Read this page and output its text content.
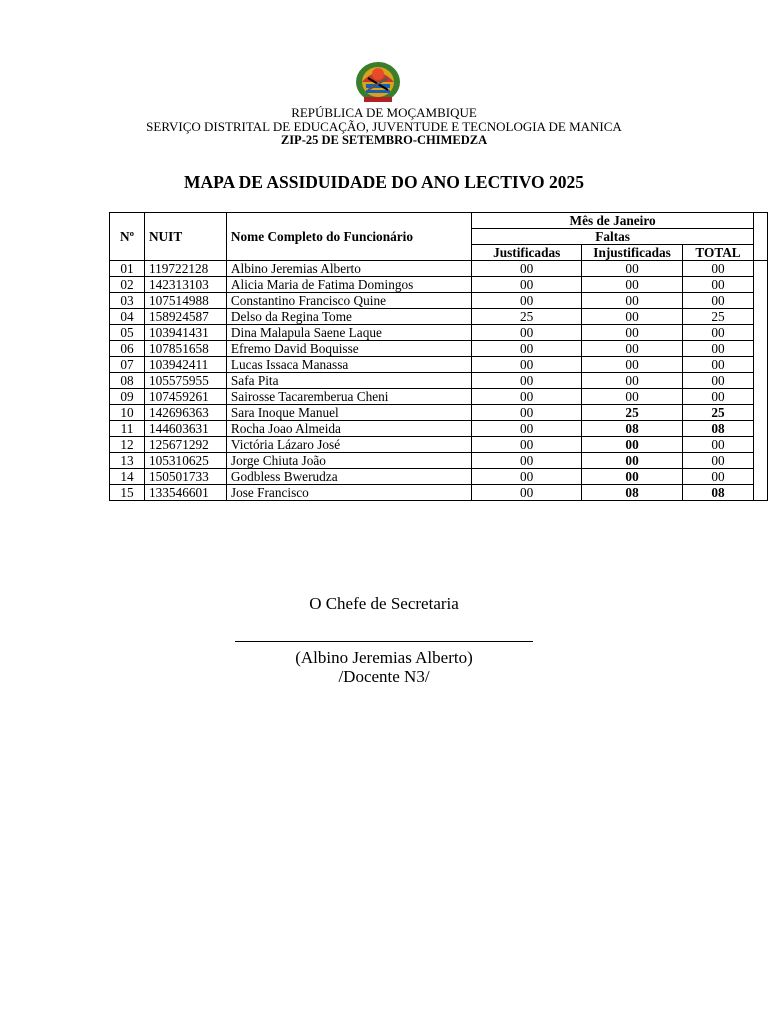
REPÚBLICA DE MOÇAMBIQUE
SERVIÇO DISTRITAL DE EDUCAÇÃO, JUVENTUDE E TECNOLOGIA DE MANICA
ZIP-25 DE SETEMBRO-CHIMEDZA
MAPA DE ASSIDUIDADE DO ANO LECTIVO 2025
Nº	NUIT	Nome Completo do Funcionário	Mês de Janeiro			
			Faltas			
			Justificadas	Injustificadas	TOTAL	
01	119722128	Albino Jeremias Alberto	00	00	00	
02	142313103	Alicia Maria de Fatima Domingos	00	00	00	
03	107514988	Constantino Francisco Quine	00	00	00	
04	158924587	Delso da Regina Tome	25	00	25	
05	103941431	Dina Malapula Saene Laque	00	00	00	
06	107851658	Efremo David Boquisse	00	00	00	
07	103942411	Lucas Issaca Manassa	00	00	00	
08	105575955	Safa Pita	00	00	00	
09	107459261	Sairosse Tacaremberua Cheni	00	00	00	
10	142696363	Sara Inoque Manuel	00	25	25	
11	144603631	Rocha Joao Almeida	00	08	08	
12	125671292	Victória Lázaro José	00	00	00	
13	105310625	Jorge Chiuta João	00	00	00	
14	150501733	Godbless Bwerudza	00	00	00	
15	133546601	Jose Francisco	00	08	08	
O Chefe de Secretaria
(Albino Jeremias Alberto)
/Docente N3/
